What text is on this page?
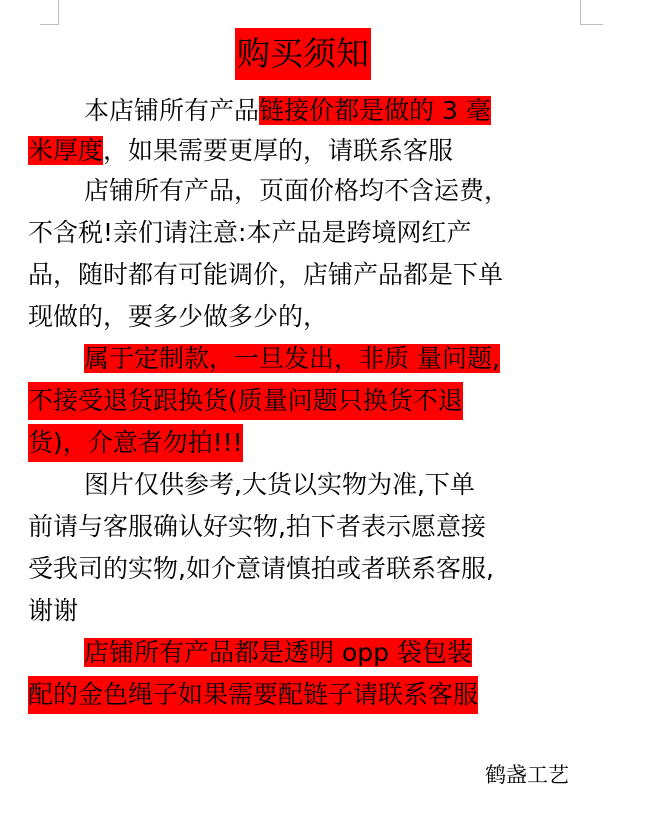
购买须知
本店铺所有产品链接价都是做的 3 毫
米厚度，如果需要更厚的，请联系客服
店铺所有产品，页面价格均不含运费，
不含税!亲们请注意:本产品是跨境网红产
品，随时都有可能调价，店铺产品都是下单
现做的，要多少做多少的，
属于定制款，一旦发出，非质 量问题,
不接受退货跟换货(质量问题只换货不退
货)，介意者勿拍!!!
图片仅供参考,大货以实物为准,下单
前请与客服确认好实物,拍下者表示愿意接
受我司的实物,如介意请慎拍或者联系客服,
谢谢
店铺所有产品都是透明 opp 袋包装
配的金色绳子如果需要配链子请联系客服
鹤盏工艺
